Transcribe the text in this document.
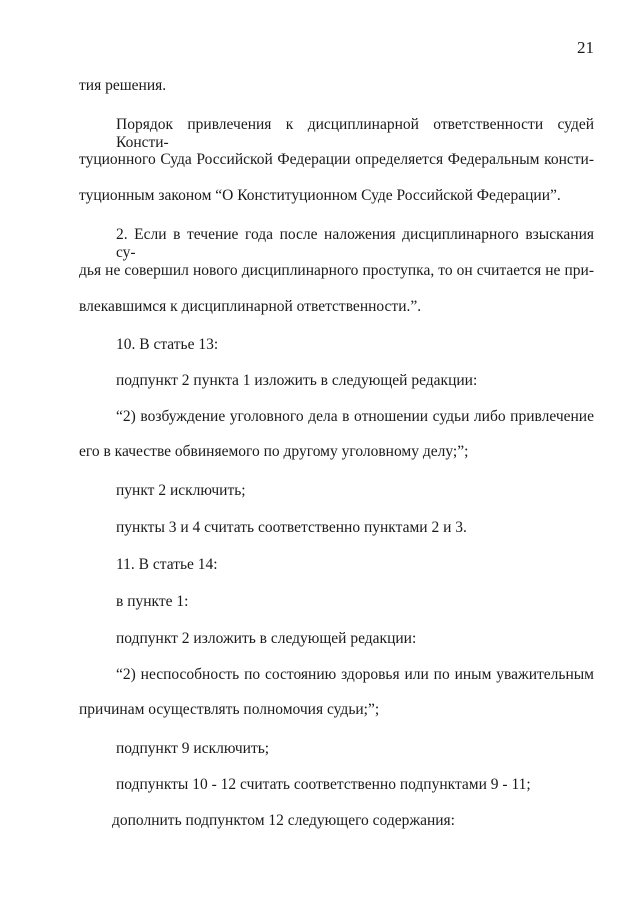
21
тия решения.
Порядок привлечения к дисциплинарной ответственности судей Консти-
туционного Суда Российской Федерации определяется Федеральным консти-
туционным законом “О Конституционном Суде Российской Федерации”.
2. Если в течение года после наложения дисциплинарного взыскания су-
дья не совершил нового дисциплинарного проступка, то он считается не при-
влекавшимся к дисциплинарной ответственности.”.
10. В статье 13:
подпункт 2 пункта 1 изложить в следующей редакции:
“2) возбуждение уголовного дела в отношении судьи либо привлечение
его в качестве обвиняемого по другому уголовному делу;”;
пункт 2 исключить;
пункты 3 и 4 считать соответственно пунктами 2 и 3.
11. В статье 14:
в пункте 1:
подпункт 2 изложить в следующей редакции:
“2) неспособность по состоянию здоровья или по иным уважительным
причинам осуществлять полномочия судьи;”;
подпункт 9 исключить;
подпункты 10 - 12 считать соответственно подпунктами 9 - 11;
дополнить подпунктом 12 следующего содержания:
